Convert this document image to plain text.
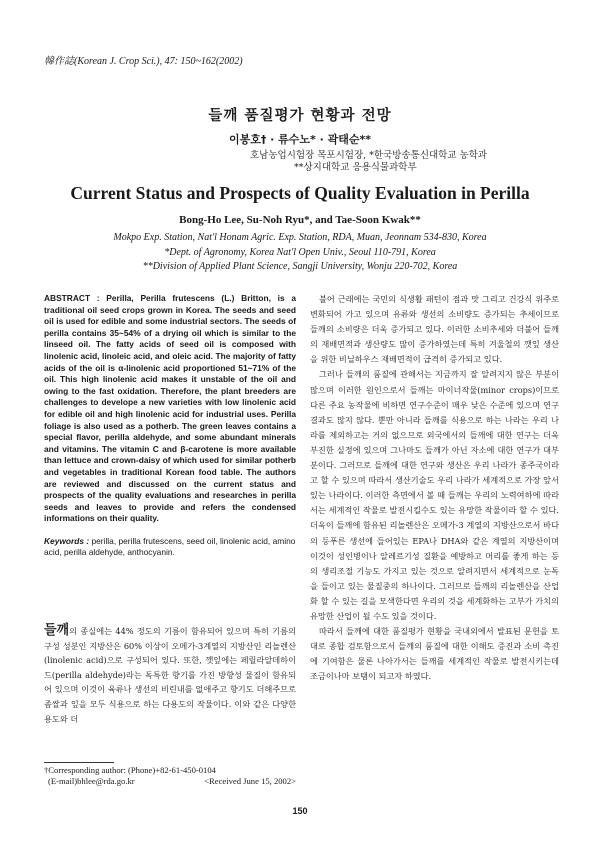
韓作誌(Korean J. Crop Sci.), 47: 150~162(2002)
들깨 품질평가 현황과 전망
이봉호† · 류수노* · 곽태순**
호남농업시험장 목포시험장, *한국방송통신대학교 농학과
**상지대학교 응용식물과학부
Current Status and Prospects of Quality Evaluation in Perilla
Bong-Ho Lee, Su-Noh Ryu*, and Tae-Soon Kwak**
Mokpo Exp. Station, Nat'l Honam Agric. Exp. Station, RDA, Muan, Jeonnam 534-830, Korea
*Dept. of Agronomy, Korea Nat'l Open Univ., Seoul 110-791, Korea
**Division of Applied Plant Science, Sangji University, Wonju 220-702, Korea
ABSTRACT : Perilla, Perilla frutescens (L.) Britton, is a traditional oil seed crops grown in Korea. The seeds and seed oil is used for edible and some industrial sectors. The seeds of perilla contains 35~54% of a drying oil which is similar to the linseed oil. The fatty acids of seed oil is composed with linolenic acid, linoleic acid, and oleic acid. The majority of fatty acids of the oil is α-linolenic acid proportioned 51~71% of the oil. This high linolenic acid makes it unstable of the oil and owing to the fast oxidation. Therefore, the plant breeders are challenges to develope a new varieties with low linolenic acid for edible oil and high linolenic acid for industrial uses. Perilla foliage is also used as a potherb. The green leaves contains a special flavor, perilla aldehyde, and some abundant minerals and vitamins. The vitamin C and β-carotene is more available than lettuce and crown-daisy of which used for similar potherb and vegetables in traditional Korean food table. The authors are reviewed and discussed on the current status and prospects of the quality evaluations and researches in perilla seeds and leaves to provide and refers the condensed informations on their quality.
Keywords : perilla, perilla frutescens, seed oil, linolenic acid, amino acid, perilla aldehyde, anthocyanin.
들깨의 종실에는 44% 정도의 기름이 함유되어 있으며 특히 기름의 구성 성분인 지방산은 60% 이상이 오메가-3계열의 지방산인 리놀렌산(linolenic acid)으로 구성되어 있다. 또한, 깻잎에는 페릴라알데하이드(perilla aldehyde)라는 독특한 향기를 가진 방향성 물질이 함유되어 있으며 이것이 육류나 생선의 비린내를 없애주고 향기도 더해주므로 좀쌀과 잎을 모두 식용으로 하는 다용도의 작물이다. 이와 같은 다양한 용도와 더
†Corresponding author: (Phone)+82-61-450-0104
(E-mail)bhlee@rda.go.kr	<Received June 15, 2002>

불어 근래에는 국민의 식생활 패턴이 점과 맛 그리고 건강식 위주로 변화되어 가고 있으며 유류와 생선의 소비량도 증가되는 추세이므로 들깨의 소비량은 더욱 증가되고 있다. 이러한 소비추세와 더불어 들깨의 재배면적과 생산량도 많이 증가하였는데 특히 겨울철의 깻잎 생산을 위한 비닐하우스 재배면적이 급격히 증가되고 있다.

그러나 들깨의 품질에 관해서는 지금까지 잘 알려지지 않은 부분이 많으며 이러한 원인으로서 들깨는 마이너작물(minor crops)이므로 다른 주요 농작물에 비하면 연구수준이 매우 낮은 수준에 있으며 연구결과도 많지 않다. 뿐만 아니라 들깨를 식용으로 하는 나라는 우리 나라를 제외하고는 거의 없으므로 외국에서의 들깨에 대한 연구는 더욱 부진한 실정에 있으며 그나마도 들깨가 아닌 자소에 대한 연구가 대부분이다. 그러므로 들깨에 대한 연구와 생산은 우리 나라가 종주국이라고 할 수 있으며 따라서 생산기술도 우리 나라가 세계적으로 가장 앞서 있는 나라이다. 이러한 측면에서 볼 때 들깨는 우리의 노력여하에 따라서는 세계적인 작물로 발전시킬수도 있는 유망한 작물이라 할 수 있다. 더욱이 들깨에 함유된 리놀렌산은 오메가-3 계열의 지방산으로서 바다의 등푸른 생선에 들어있는 EPA나 DHA와 같은 계열의 지방산이며 이것이 성인병이나 알레르기성 질환을 예방하고 머리를 좋게 하는 등의 생리조절 기능도 가지고 있는 것으로 알려지면서 세계적으로 눈독을 들이고 있는 물질중의 하나이다. 그러므로 들깨의 리놀렌산을 산업화 할 수 있는 길을 모색한다면 우리의 것을 세계화하는 고부가 가치의 유망한 산업이 될 수도 있을 것이다.

따라서 들깨에 대한 품질평가 현황을 국내외에서 발표된 문헌을 토대로 종합 검토함으로서 들깨의 품질에 대한 이해도 증진과 소비 촉진에 기여함은 물론 나아가서는 들깨를 세계적인 작물로 발전시키는데 조금이나마 보탬이 되고자 하였다.

150
